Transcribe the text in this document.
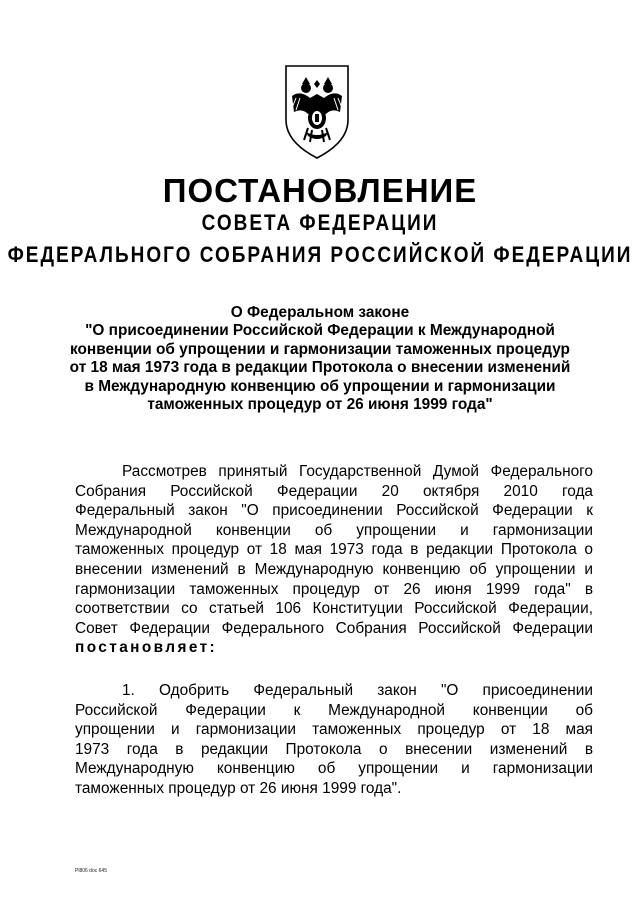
ПОСТАНОВЛЕНИЕ
СОВЕТА ФЕДЕРАЦИИ
ФЕДЕРАЛЬНОГО СОБРАНИЯ РОССИЙСКОЙ ФЕДЕРАЦИИ
О Федеральном законе
"О присоединении Российской Федерации к Международной
конвенции об упрощении и гармонизации таможенных процедур
от 18 мая 1973 года в редакции Протокола о внесении изменений
в Международную конвенцию об упрощении и гармонизации
таможенных процедур от 26 июня 1999 года"
Рассмотрев принятый Государственной Думой Федерального
Собрания Российской Федерации 20 октября 2010 года
Федеральный закон "О присоединении Российской Федерации к
Международной конвенции об упрощении и гармонизации
таможенных процедур от 18 мая 1973 года в редакции Протокола о
внесении изменений в Международную конвенцию об упрощении и
гармонизации таможенных процедур от 26 июня 1999 года" в
соответствии со статьей 106 Конституции Российской Федерации,
Совет Федерации Федерального Собрания Российской Федерации
постановляет:
1. Одобрить Федеральный закон "О присоединении
Российской Федерации к Международной конвенции об
упрощении и гармонизации таможенных процедур от 18 мая
1973 года в редакции Протокола о внесении изменений в
Международную конвенцию об упрощении и гармонизации
таможенных процедур от 26 июня 1999 года".
Pl806 doc 645
